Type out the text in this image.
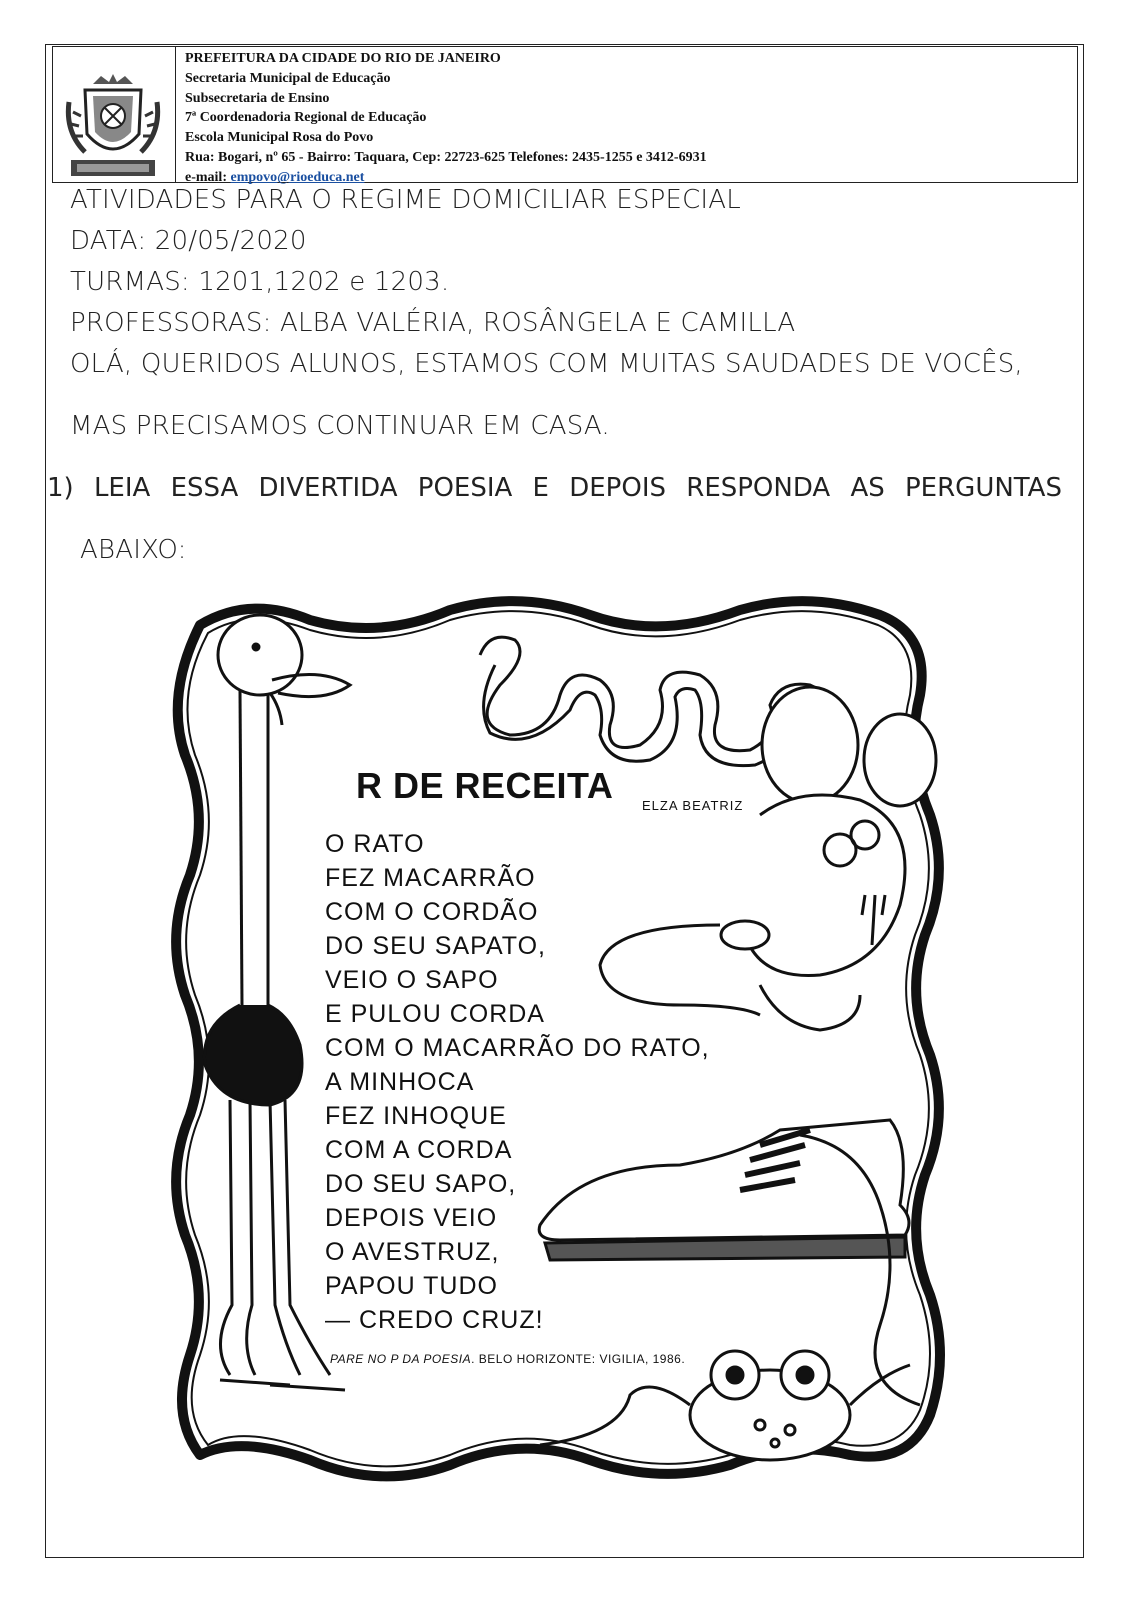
PREFEITURA DA CIDADE DO RIO DE JANEIRO
Secretaria Municipal de Educação
Subsecretaria de Ensino
7ª Coordenadoria Regional de Educação
Escola Municipal Rosa do Povo
Rua: Bogari, nº 65 - Bairro: Taquara, Cep: 22723-625 Telefones: 2435-1255 e 3412-6931
e-mail: empovo@rioeduca.net
ATIVIDADES PARA O REGIME DOMICILIAR ESPECIAL
DATA: 20/05/2020
TURMAS: 1201,1202 e 1203.
PROFESSORAS: ALBA VALÉRIA, ROSÂNGELA E CAMILLA
OLÁ, QUERIDOS ALUNOS, ESTAMOS COM MUITAS SAUDADES DE VOCÊS,
MAS PRECISAMOS CONTINUAR EM CASA.
1) LEIA ESSA DIVERTIDA POESIA E DEPOIS RESPONDA AS PERGUNTAS
ABAIXO:
R DE RECEITA ELZA BEATRIZ
O RATO
FEZ MACARRÃO
COM O CORDÃO
DO SEU SAPATO,
VEIO O SAPO
E PULOU CORDA
COM O MACARRÃO DO RATO,
A MINHOCA
FEZ INHOQUE
COM A CORDA
DO SEU SAPO,
DEPOIS VEIO
O AVESTRUZ,
PAPOU TUDO
— CREDO CRUZ!
PARE NO P DA POESIA. BELO HORIZONTE: VIGILIA, 1986.
